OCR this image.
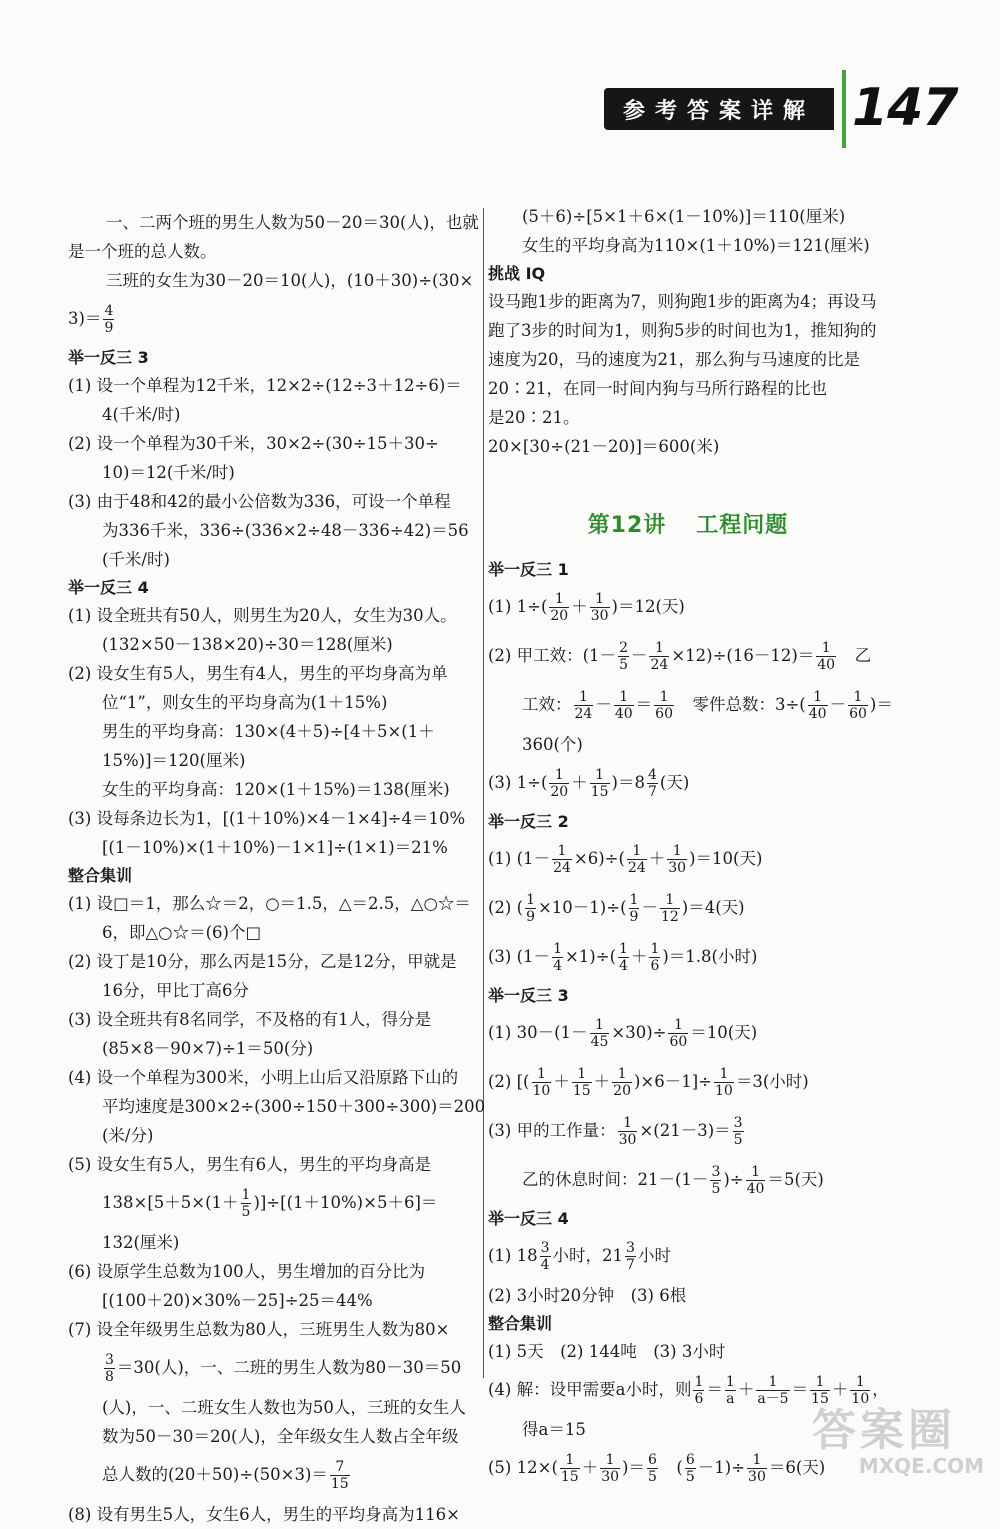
参考答案详解 147

一、二两个班的男生人数为50－20＝30(人)，也就

是一个班的总人数。

三班的女生为30－20＝10(人)，(10＋30)÷(30×

$3)= \frac{4}{9}$

举一反三 3

(1) 设一个单程为12千米，12×2÷(12÷3＋12÷6)＝

4(千米/时)

(2) 设一个单程为30千米，30×2÷(30÷15＋30÷

10)＝12(千米/时)

(3) 由于48和42的最小公倍数为336，可设一个单程

为336千米，336÷(336×2÷48－336÷42)＝56

(千米/时)

举一反三 4

(1) 设全班共有50人，则男生为20人，女生为30人。

(132×50－138×20)÷30＝128(厘米)

(2) 设女生有5人，男生有4人，男生的平均身高为单

位“1”，则女生的平均身高为(1＋15%)

男生的平均身高：130×(4＋5)÷[4＋5×(1＋

15%)]＝120(厘米)

女生的平均身高：120×(1＋15%)＝138(厘米)

(3) 设每条边长为1，[(1＋10%)×4－1×4]÷4＝10%

[(1－10%)×(1＋10%)－1×1]÷(1×1)＝21%

整合集训

(1) 设□＝1，那么☆＝2，○＝1.5，△＝2.5，△○☆＝

6，即△○☆＝(6)个□

(2) 设丁是10分，那么丙是15分，乙是12分，甲就是

16分，甲比丁高6分

(3) 设全班共有8名同学，不及格的有1人，得分是

(85×8－90×7)÷1＝50(分)

(4) 设一个单程为300米，小明上山后又沿原路下山的

平均速度是300×2÷(300÷150＋300÷300)＝200

(米/分)

(5) 设女生有5人，男生有6人，男生的平均身高是

$138\times[5+5\times(1+ \frac{1}{5} )]\div[(1+10\%)\times 5+6]=$

132(厘米)

(6) 设原学生总数为100人，男生增加的百分比为

[(100＋20)×30%－25]÷25＝44%

(7) 设全年级男生总数为80人，三班男生人数为80×

$\frac{3}{8} =30$(人)，一、二班的男生人数为80－30＝50

(人)，一、二班女生人数也为50人，三班的女生人

数为50－30＝20(人)，全年级女生人数占全年级

总人数的$(20+50)\div(50\times 3)= \frac{7}{15}$

(8) 设有男生5人，女生6人，男生的平均身高为116×

(5＋6)÷[5×1＋6×(1－10%)]＝110(厘米)

女生的平均身高为110×(1＋10%)＝121(厘米)

挑战 IQ

设马跑1步的距离为7，则狗跑1步的距离为4；再设马

跑了3步的时间为1，则狗5步的时间也为1，推知狗的

速度为20，马的速度为21，那么狗与马速度的比是

20∶21，在同一时间内狗与马所行路程的比也

是20∶21。

20×[30÷(21－20)]＝600(米)

第12讲 工程问题

举一反三 1

(1) $1\div( \frac{1}{20} + \frac{1}{30} )=12$(天)

(2) 甲工效：$(1- \frac{2}{5} - \frac{1}{24} \times 12)\div(16-12)= \frac{1}{40}$
　 乙

工效： $\frac{1}{24} - \frac{1}{40} = \frac{1}{60}$
　 零件总数：$3\div( \frac{1}{40} - \frac{1}{60}$ )＝

360(个)

(3) $1\div( \frac{1}{20} + \frac{1}{15} )=8 \frac{4}{7}$ (天)

举一反三 2

(1) $(1- \frac{1}{24} \times 6)\div( \frac{1}{24} + \frac{1}{30} )=10$(天)

(2) ( $\frac{1}{9} \times 10-1)\div( \frac{1}{9} - \frac{1}{12} )=4$(天)

(3) $(1- \frac{1}{4} \times 1)\div( \frac{1}{4} + \frac{1}{6} )=1.8$(小时)

举一反三 3

(1) $30-(1- \frac{1}{45} \times 30)\div \frac{1}{60} =10$(天)

(2) [( $\frac{1}{10} + \frac{1}{15} + \frac{1}{20} )\times 6-1]\div \frac{1}{10} =3$(小时)

(3) 甲的工作量： $\frac{1}{30} \times(21-3)= \frac{3}{5}$

乙的休息时间：$21-(1- \frac{3}{5}$ )÷ $\frac{1}{40} =5$(天)

举一反三 4

(1) $18 \frac{3}{4}$ 小时，$21 \frac{3}{7}$ 小时

(2) 3小时20分钟　(3) 6根

整合集训

(1) 5天　(2) 144吨　(3) 3小时

(4) 解：设甲需要a小时，则 $\frac{1}{6} = \frac{1}{a} + \frac{1}{a-5} = \frac{1}{15} + \frac{1}{10}$ ，

得a＝15

(5) $12\times( \frac{1}{15} + \frac{1}{30}$ )＝ $\frac{6}{5}$
　 ( $\frac{6}{5} -1)\div \frac{1}{30} =6$(天)

答案圈
MXQE.COM
